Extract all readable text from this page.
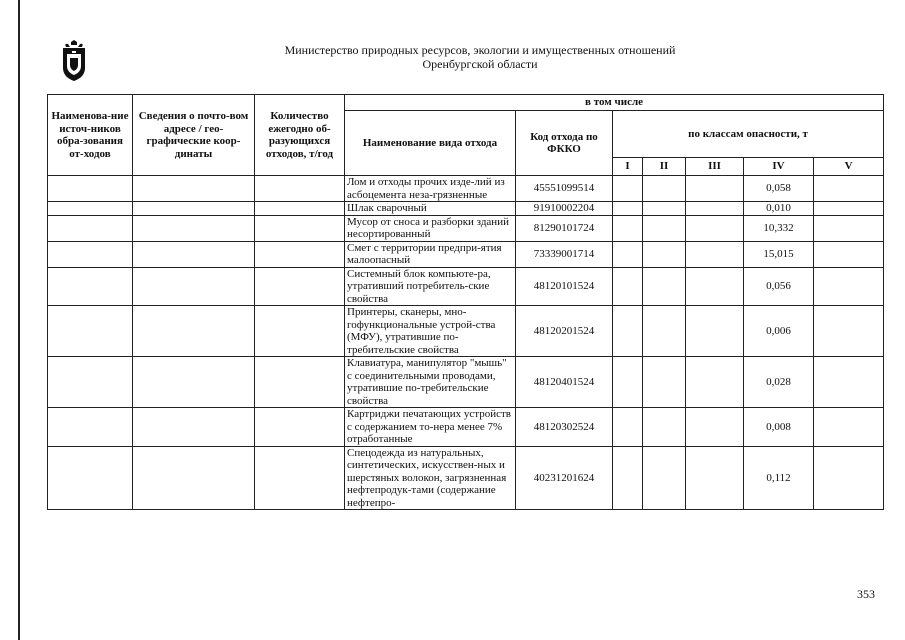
Министерство природных ресурсов, экологии и имущественных отношений
Оренбургской области
Наименова-ние источ-ников обра-зования от-ходов	Сведения о почто-вом адресе / гео-графические коор-динаты	Количество ежегодно об-разующихся отходов, т/год	в том числе						
			Наименование вида отхода	Код отхода по ФККО	по классам опасности, т				
					I	II	III	IV	V
			Лом и отходы прочих изде-лий из асбоцемента неза-грязненные	45551099514				0,058	
			Шлак сварочный	91910002204				0,010	
			Мусор от сноса и разборки зданий несортированный	81290101724				10,332	
			Смет с территории предпри-ятия малоопасный	73339001714				15,015	
			Системный блок компьюте-ра, утративший потребитель-ские свойства	48120101524				0,056	
			Принтеры, сканеры, мно-гофункциональные устрой-ства (МФУ), утратившие по-требительские свойства	48120201524				0,006	
			Клавиатура, манипулятор "мышь" с соединительными проводами, утратившие по-требительские свойства	48120401524				0,028	
			Картриджи печатающих устройств с содержанием то-нера менее 7% отработанные	48120302524				0,008	

			Спецодежда из натуральных, синтетических, искусствен-ных и шерстяных волокон, загрязненная нефтепродук-тами (содержание нефтепро-	40231201624				0,112	
353
